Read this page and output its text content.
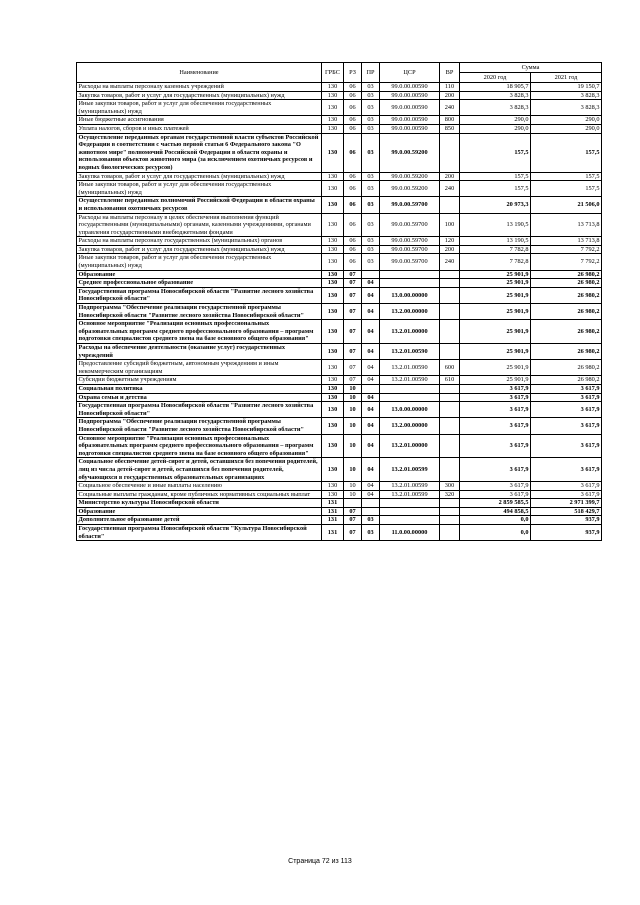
Наименование	ГРБС	РЗ	ПР	ЦСР	ВР	Сумма	
						2020 год	2021 год
Расходы на выплаты персоналу казенных учреждений	130	06	03	99.0.00.00590	110	18 905,7	19 150,7
Закупка товаров, работ и услуг для государственных (муниципальных) нужд	130	06	03	99.0.00.00590	200	3 828,3	3 828,3
Иные закупки товаров, работ и услуг для обеспечения государственных (муниципальных) нужд	130	06	03	99.0.00.00590	240	3 828,3	3 828,3
Иные бюджетные ассигнования	130	06	03	99.0.00.00590	800	290,0	290,0
Уплата налогов, сборов и иных платежей	130	06	03	99.0.00.00590	850	290,0	290,0
Осуществление переданных органам государственной власти субъектов Российской Федерации в соответствии с частью первой статьи 6 Федерального закона "О животном мире" полномочий Российской Федерации в области охраны и использования объектов животного мира (за исключением охотничьих ресурсов и водных биологических ресурсов)	130	06	03	99.0.00.59200		157,5	157,5
Закупка товаров, работ и услуг для государственных (муниципальных) нужд	130	06	03	99.0.00.59200	200	157,5	157,5
Иные закупки товаров, работ и услуг для обеспечения государственных (муниципальных) нужд	130	06	03	99.0.00.59200	240	157,5	157,5
Осуществление переданных полномочий Российской Федерации в области охраны и использования охотничьих ресурсов	130	06	03	99.0.00.59700		20 973,3	21 506,0
Расходы на выплаты персоналу в целях обеспечения выполнения функций государственными (муниципальными) органами, казенными учреждениями, органами управления государственными внебюджетными фондами	130	06	03	99.0.00.59700	100	13 190,5	13 713,8
Расходы на выплаты персоналу государственных (муниципальных) органов	130	06	03	99.0.00.59700	120	13 190,5	13 713,8
Закупка товаров, работ и услуг для государственных (муниципальных) нужд	130	06	03	99.0.00.59700	200	7 782,8	7 792,2
Иные закупки товаров, работ и услуг для обеспечения государственных (муниципальных) нужд	130	06	03	99.0.00.59700	240	7 782,8	7 792,2
Образование	130	07				25 901,9	26 980,2
Среднее профессиональное образование	130	07	04			25 901,9	26 980,2
Государственная программа Новосибирской области "Развитие лесного хозяйства Новосибирской области"	130	07	04	13.0.00.00000		25 901,9	26 980,2
Подпрограмма "Обеспечение реализации государственной программы Новосибирской области "Развитие лесного хозяйства Новосибирской области"	130	07	04	13.2.00.00000		25 901,9	26 980,2
Основное мероприятие "Реализация основных профессиональных образовательных программ среднего профессионального образования – программ подготовки специалистов среднего звена на базе основного общего образования"	130	07	04	13.2.01.00000		25 901,9	26 980,2
Расходы на обеспечение деятельности (оказание услуг) государственных учреждений	130	07	04	13.2.01.00590		25 901,9	26 980,2
Предоставление субсидий бюджетным, автономным учреждениям и иным некоммерческим организациям	130	07	04	13.2.01.00590	600	25 901,9	26 980,2
Субсидии бюджетным учреждениям	130	07	04	13.2.01.00590	610	25 901,9	26 980,2
Социальная политика	130	10				3 617,9	3 617,9
Охрана семьи и детства	130	10	04			3 617,9	3 617,9
Государственная программа Новосибирской области "Развитие лесного хозяйства Новосибирской области"	130	10	04	13.0.00.00000		3 617,9	3 617,9
Подпрограмма "Обеспечение реализации государственной программы Новосибирской области "Развитие лесного хозяйства Новосибирской области"	130	10	04	13.2.00.00000		3 617,9	3 617,9
Основное мероприятие "Реализация основных профессиональных образовательных программ среднего профессионального образования – программ подготовки специалистов среднего звена на базе основного общего образования"	130	10	04	13.2.01.00000		3 617,9	3 617,9
Социальное обеспечение детей-сирот и детей, оставшихся без попечения родителей, лиц из числа детей-сирот и детей, оставшихся без попечения родителей, обучающихся в государственных образовательных организациях	130	10	04	13.2.01.00599		3 617,9	3 617,9
Социальное обеспечение и иные выплаты населению	130	10	04	13.2.01.00599	300	3 617,9	3 617,9
Социальные выплаты гражданам, кроме публичных нормативных социальных выплат	130	10	04	13.2.01.00599	320	3 617,9	3 617,9
Министерство культуры Новосибирской области	131					2 859 585,5	2 971 399,7
Образование	131	07				494 858,5	518 429,7
Дополнительное образование детей	131	07	03			0,0	937,9
Государственная программа Новосибирской области "Культура Новосибирской области"	131	07	03	11.0.00.00000		0,0	937,9
Страница 72 из 113
